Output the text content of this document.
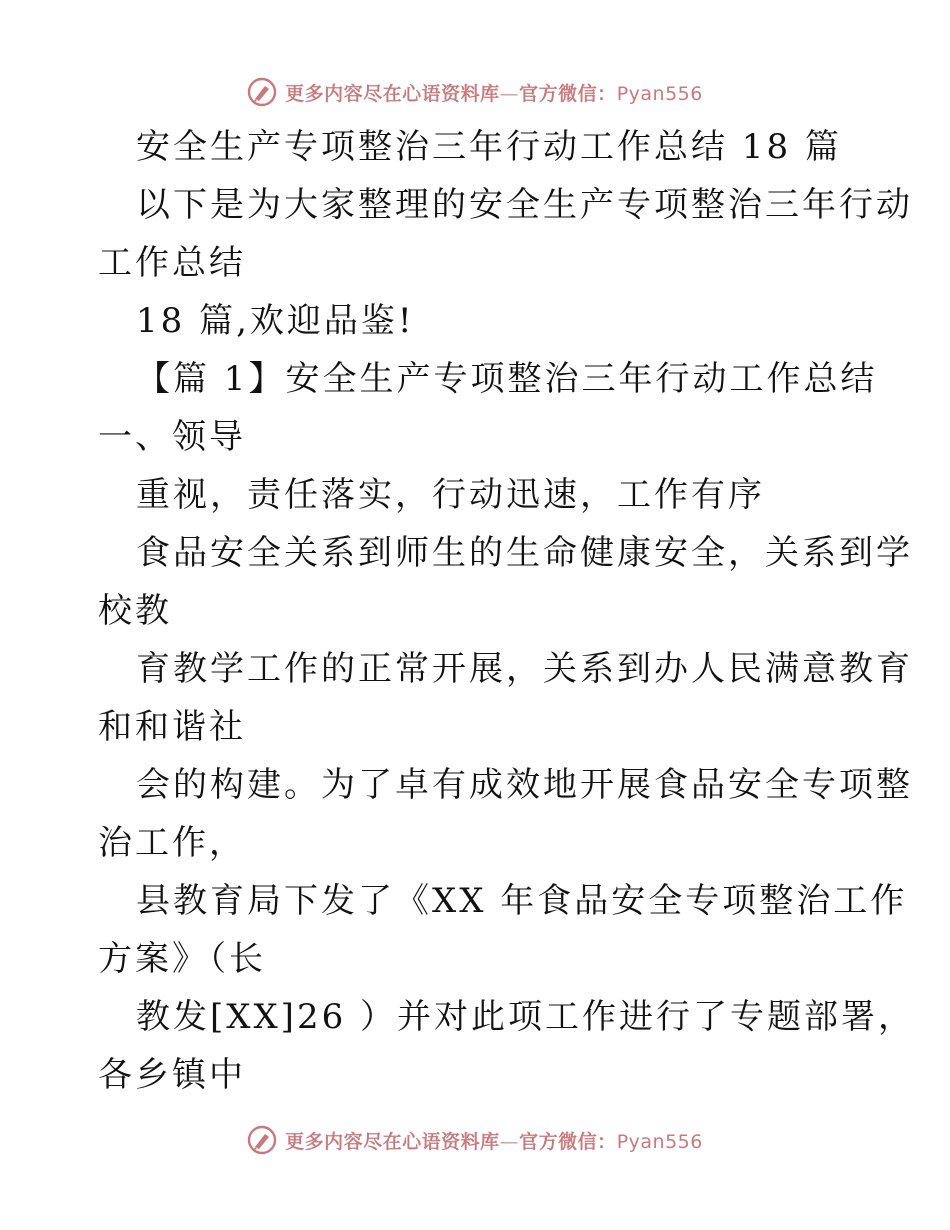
更多内容尽在心语资料库—官方微信：Pyan556
安全生产专项整治三年行动工作总结 18 篇
以下是为大家整理的安全生产专项整治三年行动
工作总结
18 篇,欢迎品鉴!
【篇 1】安全生产专项整治三年行动工作总结
一、领导
重视，责任落实，行动迅速，工作有序
食品安全关系到师生的生命健康安全，关系到学
校教
育教学工作的正常开展，关系到办人民满意教育
和和谐社
会的构建。为了卓有成效地开展食品安全专项整
治工作，
县教育局下发了《XX 年食品安全专项整治工作
方案》（长
教发[XX]26 ）并对此项工作进行了专题部署，
各乡镇中
更多内容尽在心语资料库—官方微信：Pyan556
